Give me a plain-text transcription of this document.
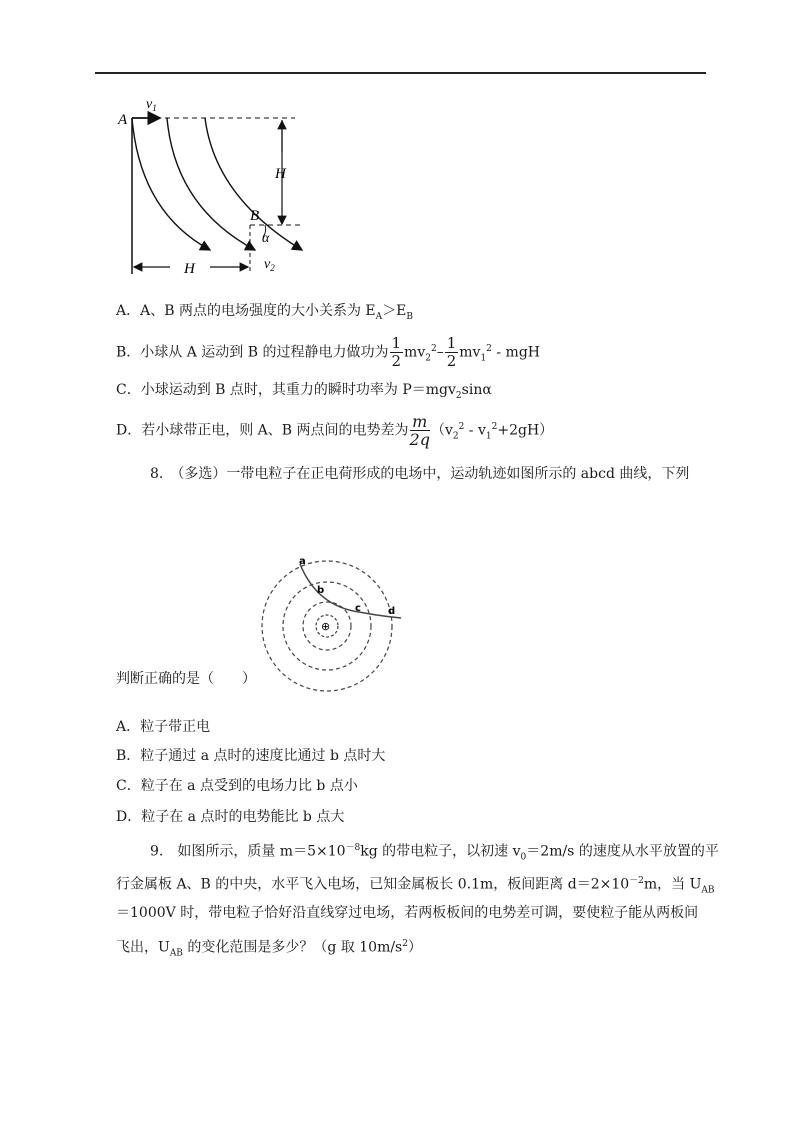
A
$v_1$
H
B
α
$v_2$
H
A．A、B 两点的电场强度的大小关系为 $E_A>E_B$
B．小球从 A 运动到 B 的过程静电力做功为 $\frac{1}{2} mv_2^2- \frac{1}{2} mv_1^2$ - mgH
C．小球运动到 B 点时，其重力的瞬时功率为 P＝mgv$_2$sinα
D．若小球带正电，则 A、B 两点间的电势差为 $\frac{m}{2q} (v_2^2 - v_1^2+2gH)$
8.　（多选）一带电粒子在正电荷形成的电场中，运动轨迹如图所示的 abcd 曲线，下列
a
b
c	d
⊕
判断正确的是（　　）
A．粒子带正电
B．粒子通过 a 点时的速度比通过 b 点时大
C．粒子在 a 点受到的电场力比 b 点小
D．粒子在 a 点时的电势能比 b 点大
9.　如图所示，质量 $m=5\times 10^{-8}kg$ 的带电粒子，以初速 $v_0=2m/s$ 的速度从水平放置的平
行金属板 A、B 的中央，水平飞入电场，已知金属板长 0.1m，板间距离 $d=2\times 10^{-2}m$，当 $U_{AB}$
＝1000V 时，带电粒子恰好沿直线穿过电场，若两板板间的电势差可调，要使粒子能从两板间
飞出，$U_{AB}$ 的变化范围是多少？（g 取 $10m/s^2$）
